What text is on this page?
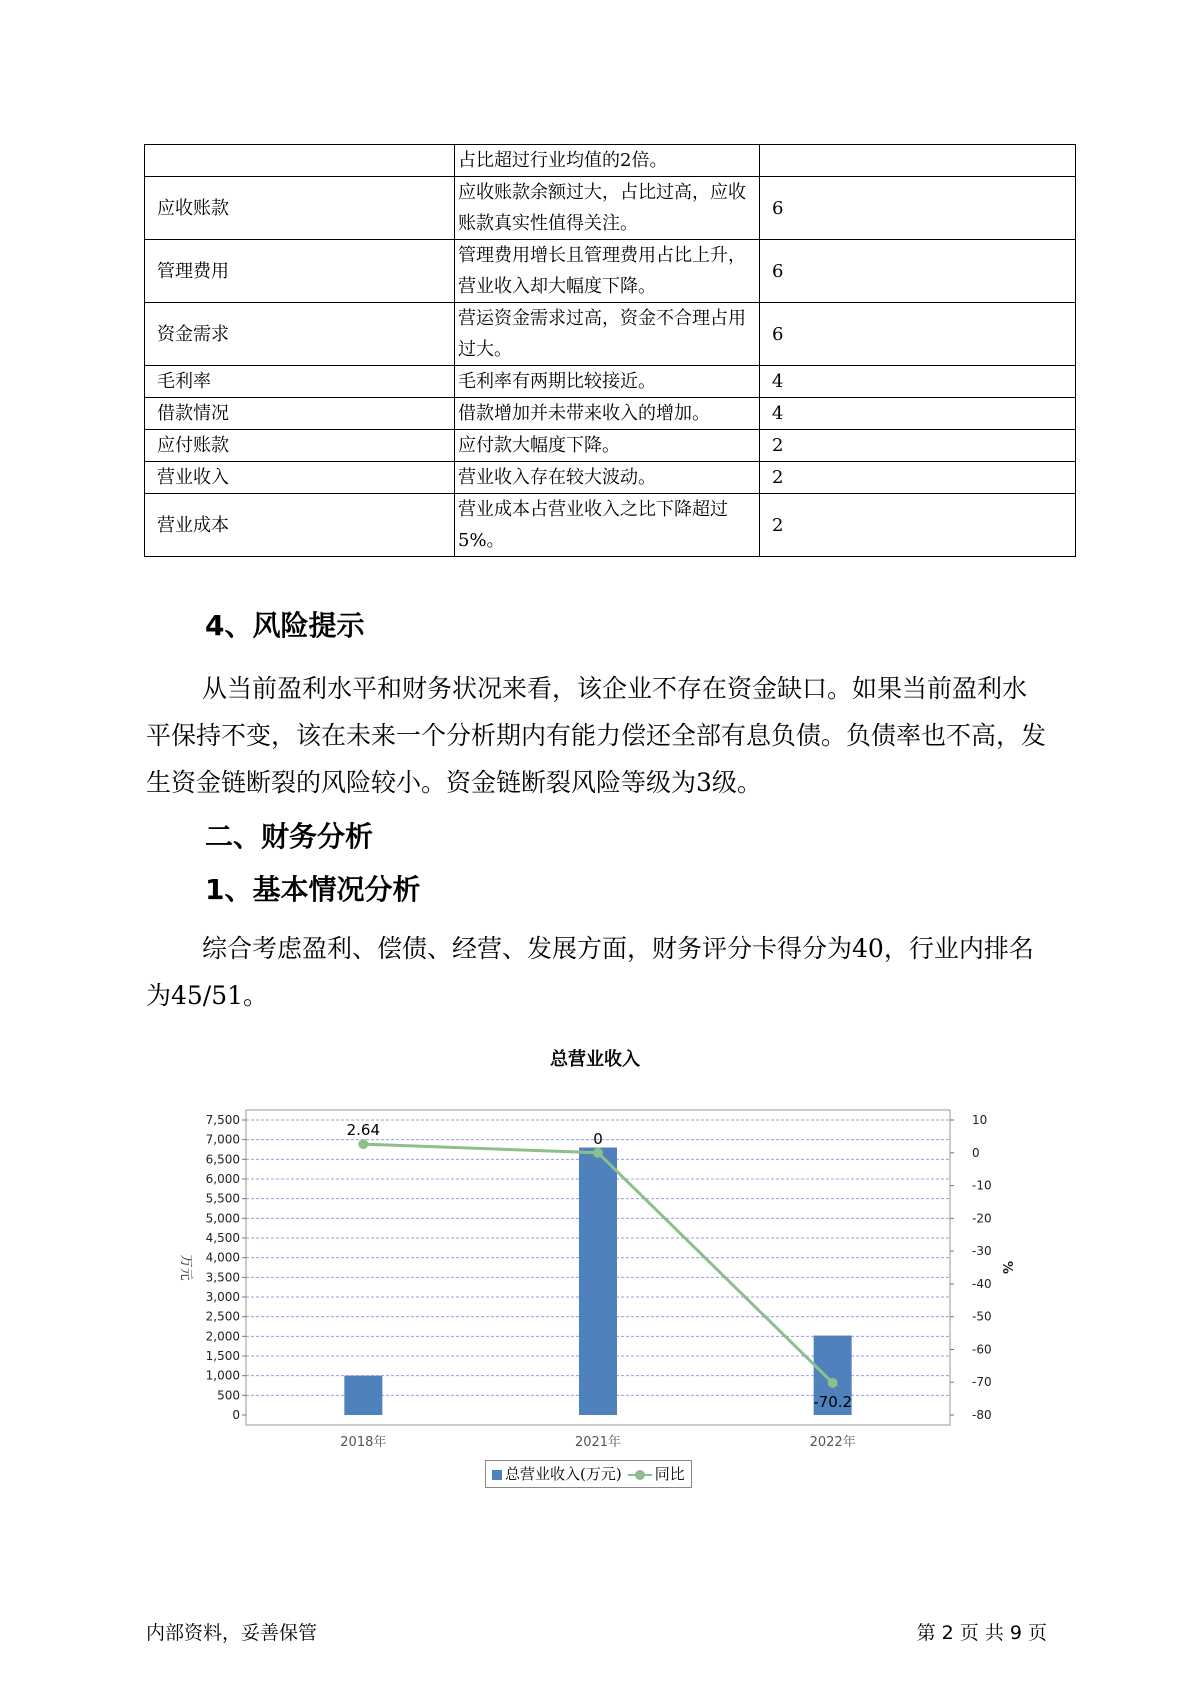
	占比超过行业均值的2倍。	
应收账款	应收账款余额过大，占比过高，应收账款真实性值得关注。	6
管理费用	管理费用增长且管理费用占比上升，营业收入却大幅度下降。	6
资金需求	营运资金需求过高，资金不合理占用过大。	6
毛利率	毛利率有两期比较接近。	4
借款情况	借款增加并未带来收入的增加。	4
应付账款	应付款大幅度下降。	2
营业收入	营业收入存在较大波动。	2
营业成本	营业成本占营业收入之比下降超过5%。	2
4、风险提示
从当前盈利水平和财务状况来看，该企业不存在资金缺口。如果当前盈利水平保持不变，该在未来一个分析期内有能力偿还全部有息负债。负债率也不高，发生资金链断裂的风险较小。资金链断裂风险等级为3级。
二、财务分析
1、基本情况分析
综合考虑盈利、偿债、经营、发展方面，财务评分卡得分为40，行业内排名为45/51。
总营业收入
0
500
1,000
1,500
2,000
2,500
3,000
3,500
4,000
4,500
5,000
5,500
6,000
6,500
7,000
7,500	10
0
-10
-20
-30
-40
-50
-60
-70
-80
万元	%
2018年	2021年	2022年
2.64	0
-70.2
总营业收入(万元) 同比
内部资料，妥善保管	第 2 页 共 9 页
